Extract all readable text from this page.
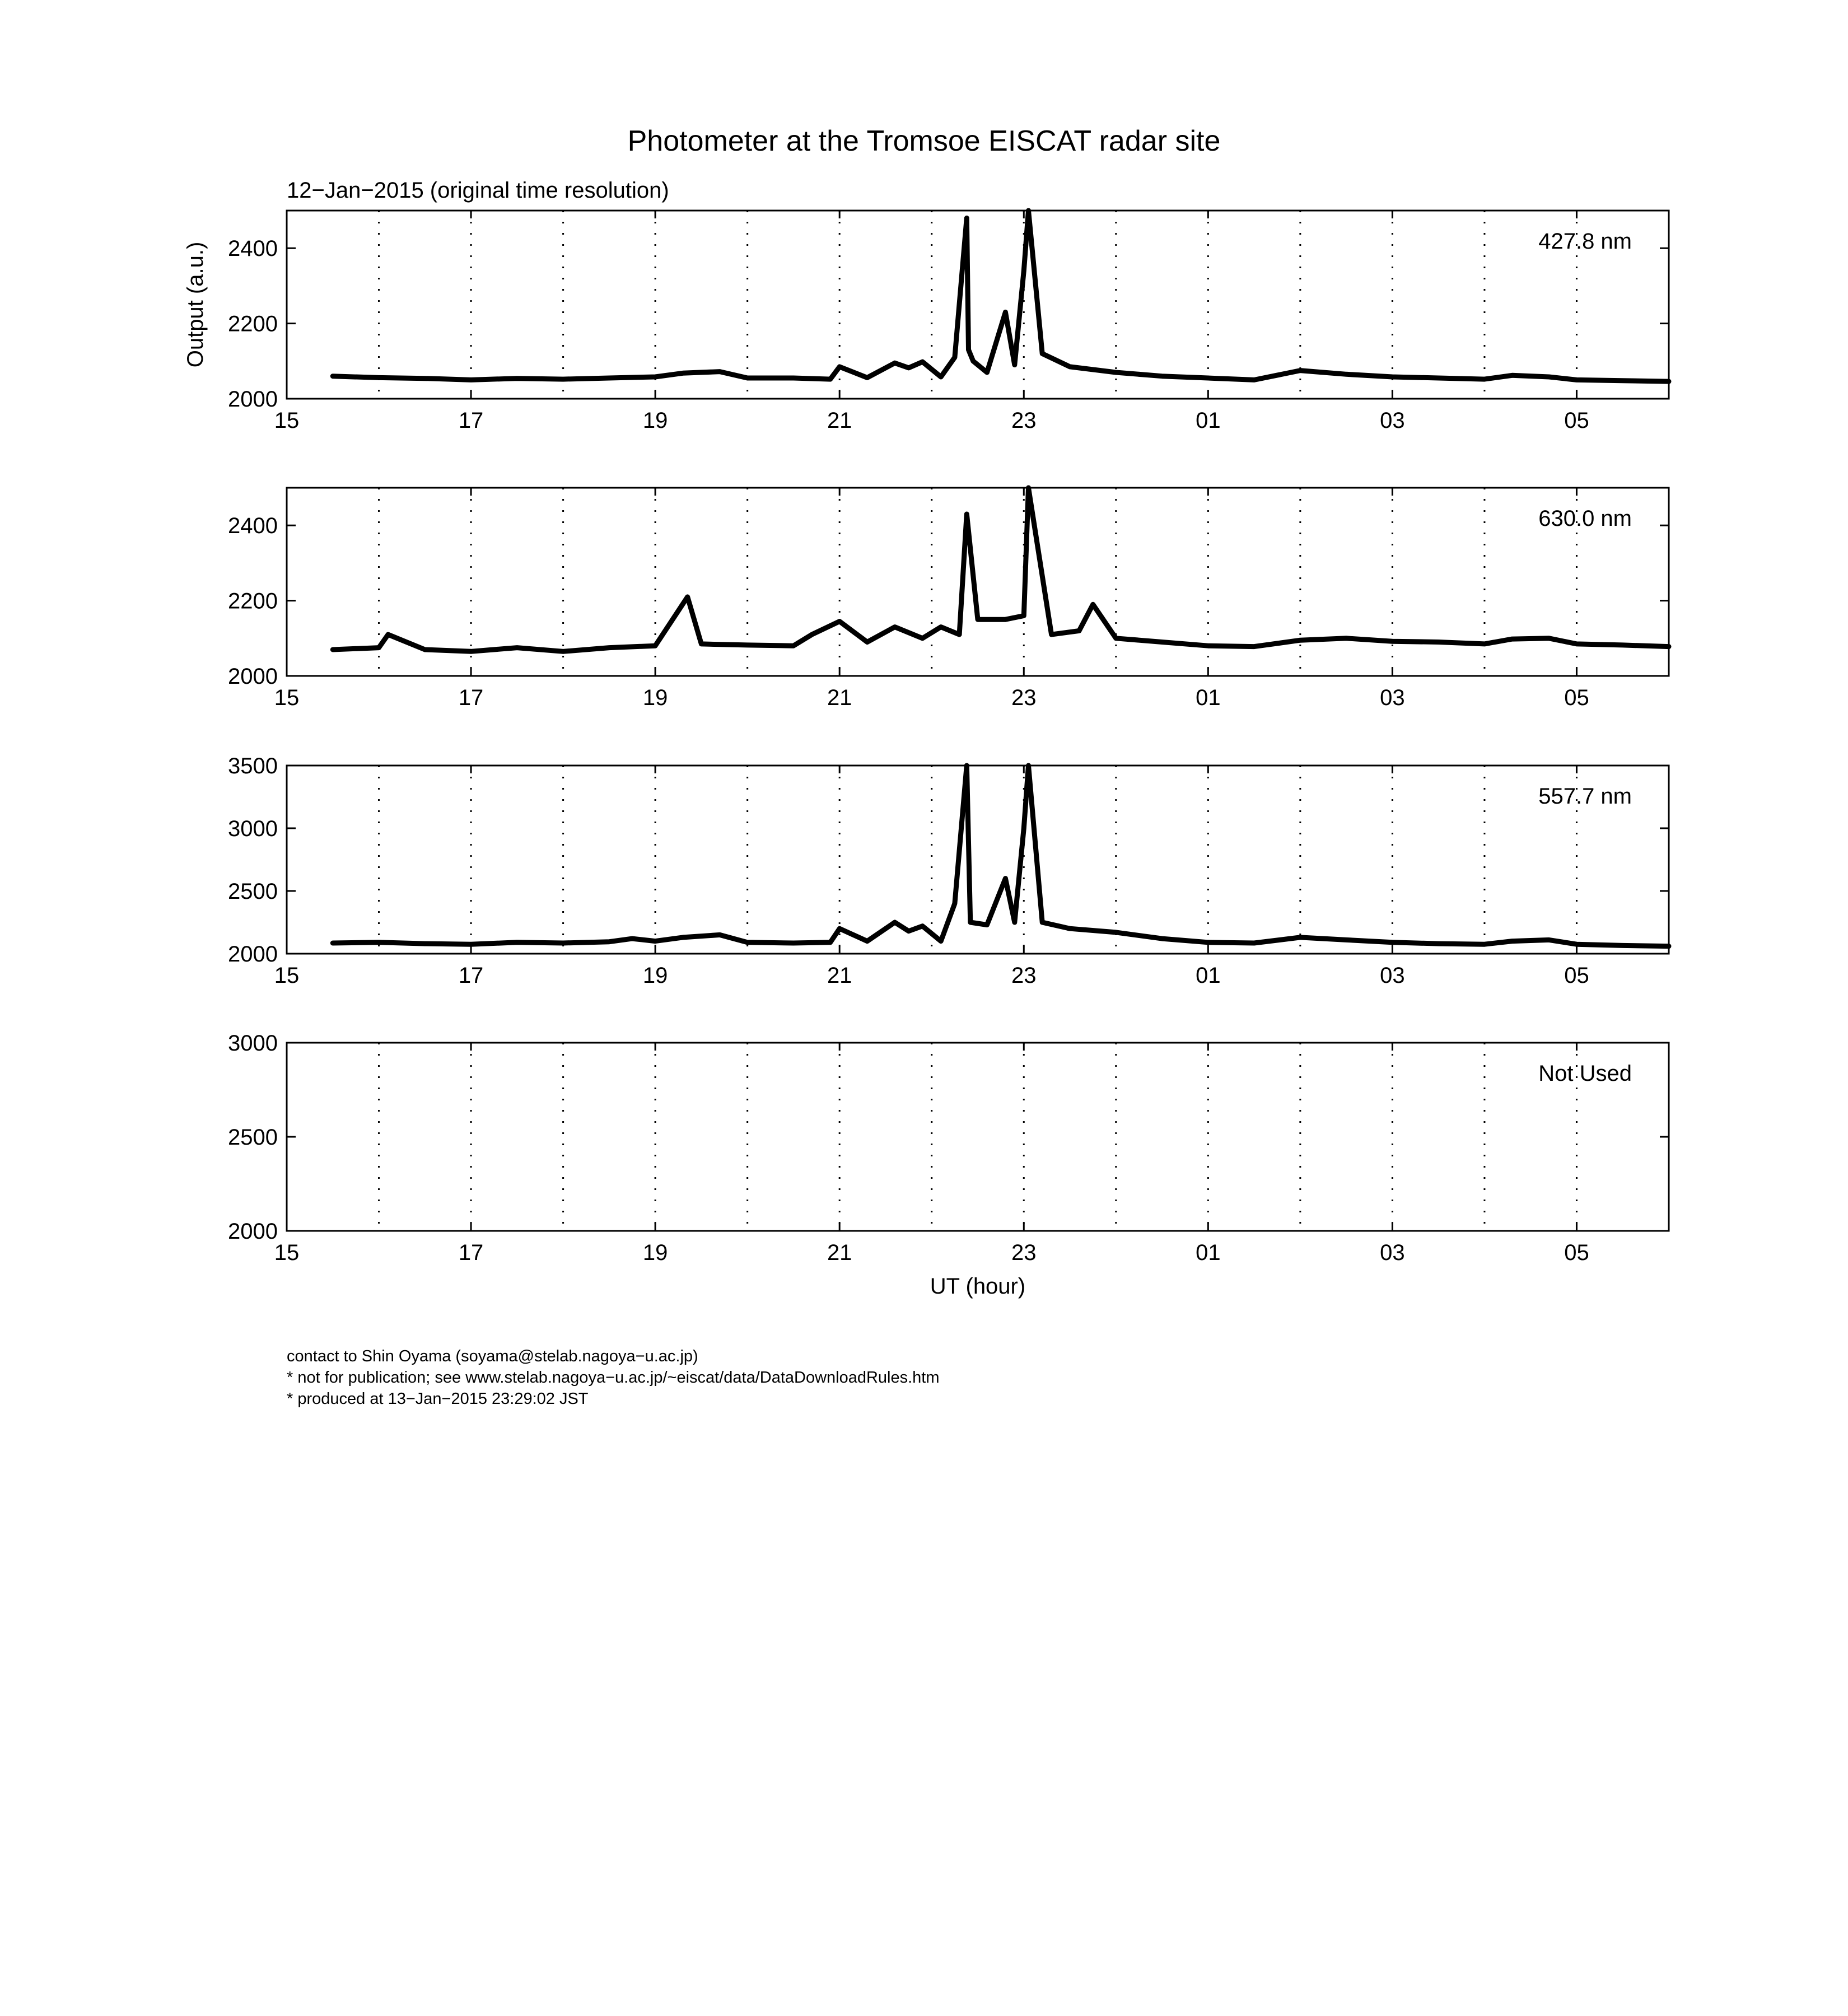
Photometer at the Tromsoe EISCAT radar site
12−Jan−2015 (original time resolution)
15	17	19	21	23	01	03	05
2000
2200
2400	427.8 nm
15	17	19	21	23	01	03	05
2000
2200
2400	630.0 nm
15	17	19	21	23	01	03	05
2000
2500
3000
3500
557.7 nm
15	17	19	21	23	01	03	05
2000
2500
3000
Not Used
Output (a.u.)
UT (hour)
contact to Shin Oyama (soyama@stelab.nagoya−u.ac.jp)
* not for publication; see www.stelab.nagoya−u.ac.jp/~eiscat/data/DataDownloadRules.htm
* produced at 13−Jan−2015 23:29:02 JST
